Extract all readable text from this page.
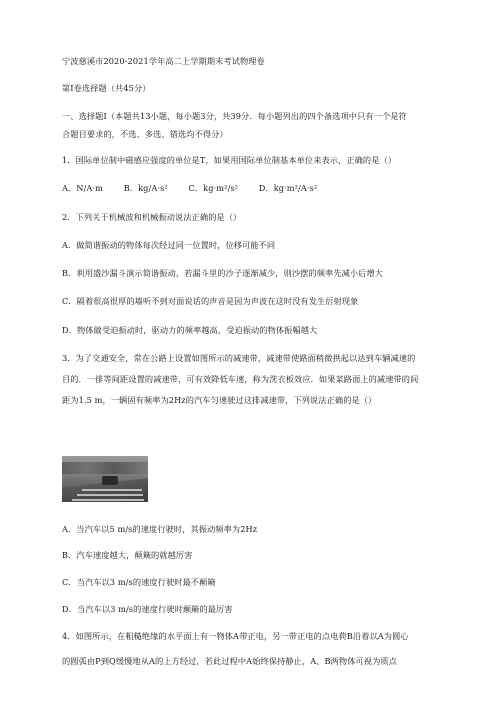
宁波慈溪市2020-2021学年高二上学期期末考试物理卷
第Ⅰ卷选择题（共45分）
一、选择题Ⅰ（本题共13小题，每小题3分，共39分．每小题列出的四个备选项中只有一个是符
合题目要求的，不选、多选、错选均不得分）
1．国际单位制中磁感应强度的单位是T，如果用国际单位制基本单位来表示，正确的是（）
A．N/A·m	B．kg/A·s²	C．kg·m²/s²	D．kg·m²/A·s²
2．下列关于机械波和机械振动说法正确的是（）
A．做简谐振动的物体每次经过同一位置时，位移可能不同
B．利用盛沙漏斗演示简谐振动，若漏斗里的沙子逐渐减少，则沙摆的频率先减小后增大
C．隔着很高很厚的墙听不到对面说话的声音是因为声波在这时没有发生衍射现象
D．物体做受迫振动时，驱动力的频率越高，受迫振动的物体振幅越大
3．为了交通安全，常在公路上设置如图所示的减速带，减速带使路面稍微拱起以达到车辆减速的
目的．一排等间距设置的减速带，可有效降低车速，称为洗衣板效应．如果某路面上的减速带的间
距为1.5 m，一辆固有频率为2Hz的汽车匀速驶过这排减速带，下列说法正确的是（）
A．当汽车以5 m/s的速度行驶时，其振动频率为2Hz
B．汽车速度越大，颠簸的就越厉害
C．当汽车以3 m/s的速度行驶时最不颠簸
D．当汽车以3 m/s的速度行驶时颠簸的最厉害
4．如图所示，在粗糙绝缘的水平面上有一物体A带正电，另一带正电的点电荷B沿着以A为圆心
的圆弧由P到Q缓慢地从A的上方经过，若此过程中A始终保持静止，A、B两物体可视为质点
